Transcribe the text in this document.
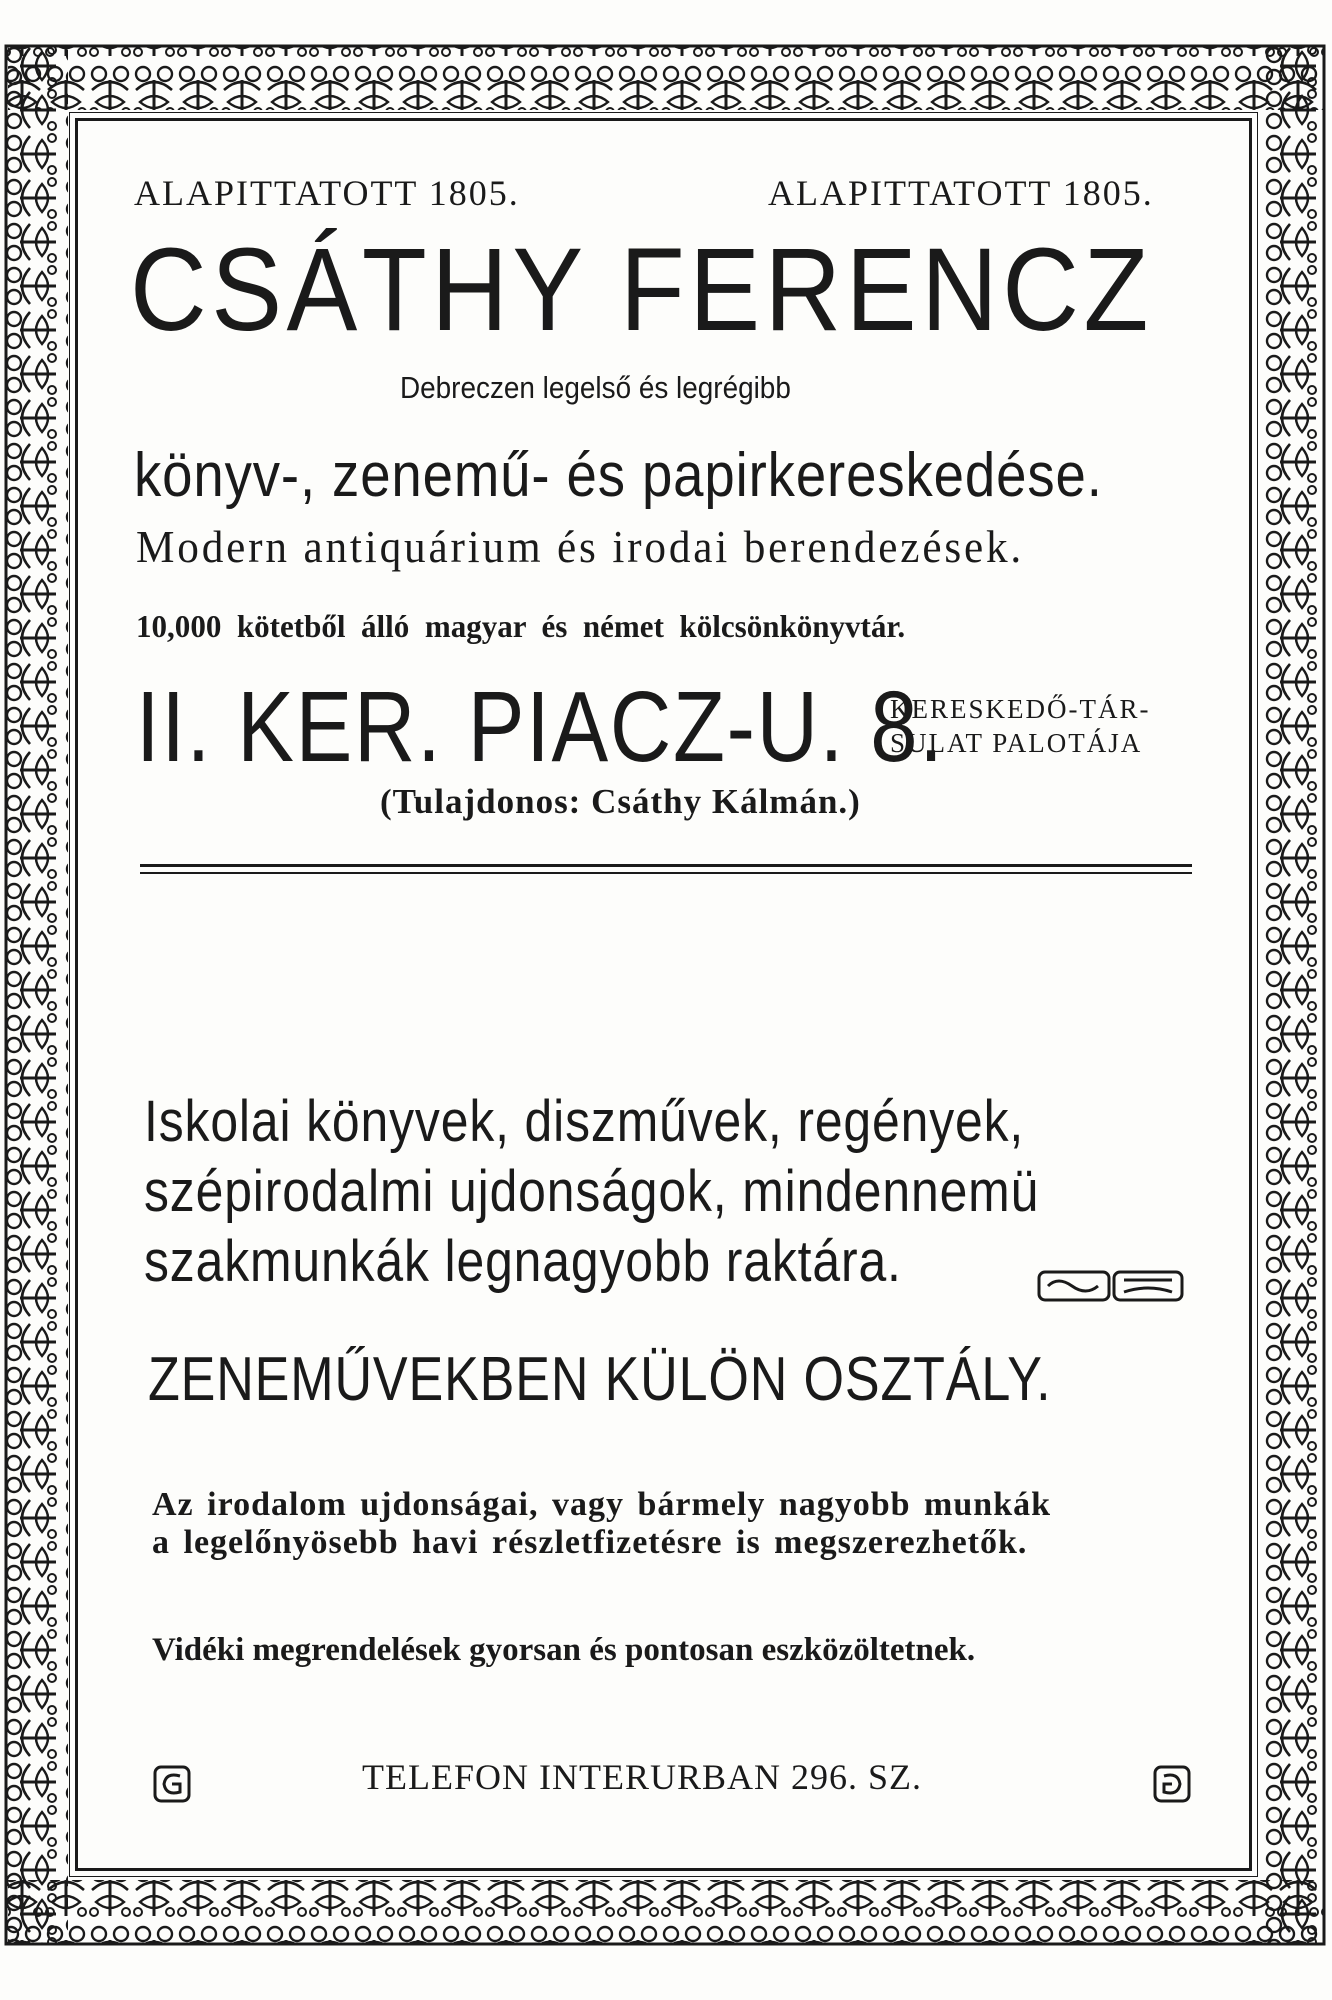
ALAPITTATOTT 1805.	ALAPITTATOTT 1805.
CSÁTHY FERENCZ
Debreczen legelső és legrégibb
könyv-, zenemű- és papirkereskedése.
Modern antiquárium és irodai berendezések.
10,000 kötetből álló magyar és német kölcsönkönyvtár.
II. KER. PIACZ-U. 8.
KERESKEDŐ-TÁR-
SULAT PALOTÁJA
(Tulajdonos: Csáthy Kálmán.)
Iskolai könyvek, diszművek, regények,
szépirodalmi ujdonságok, mindennemü
szakmunkák legnagyobb raktára.
ZENEMŰVEKBEN KÜLÖN OSZTÁLY.
Az irodalom ujdonságai, vagy bármely nagyobb munkák
a legelőnyösebb havi részletfizetésre is megszerezhetők.
Vidéki megrendelések gyorsan és pontosan eszközöltetnek.
TELEFON INTERURBAN 296. SZ.
